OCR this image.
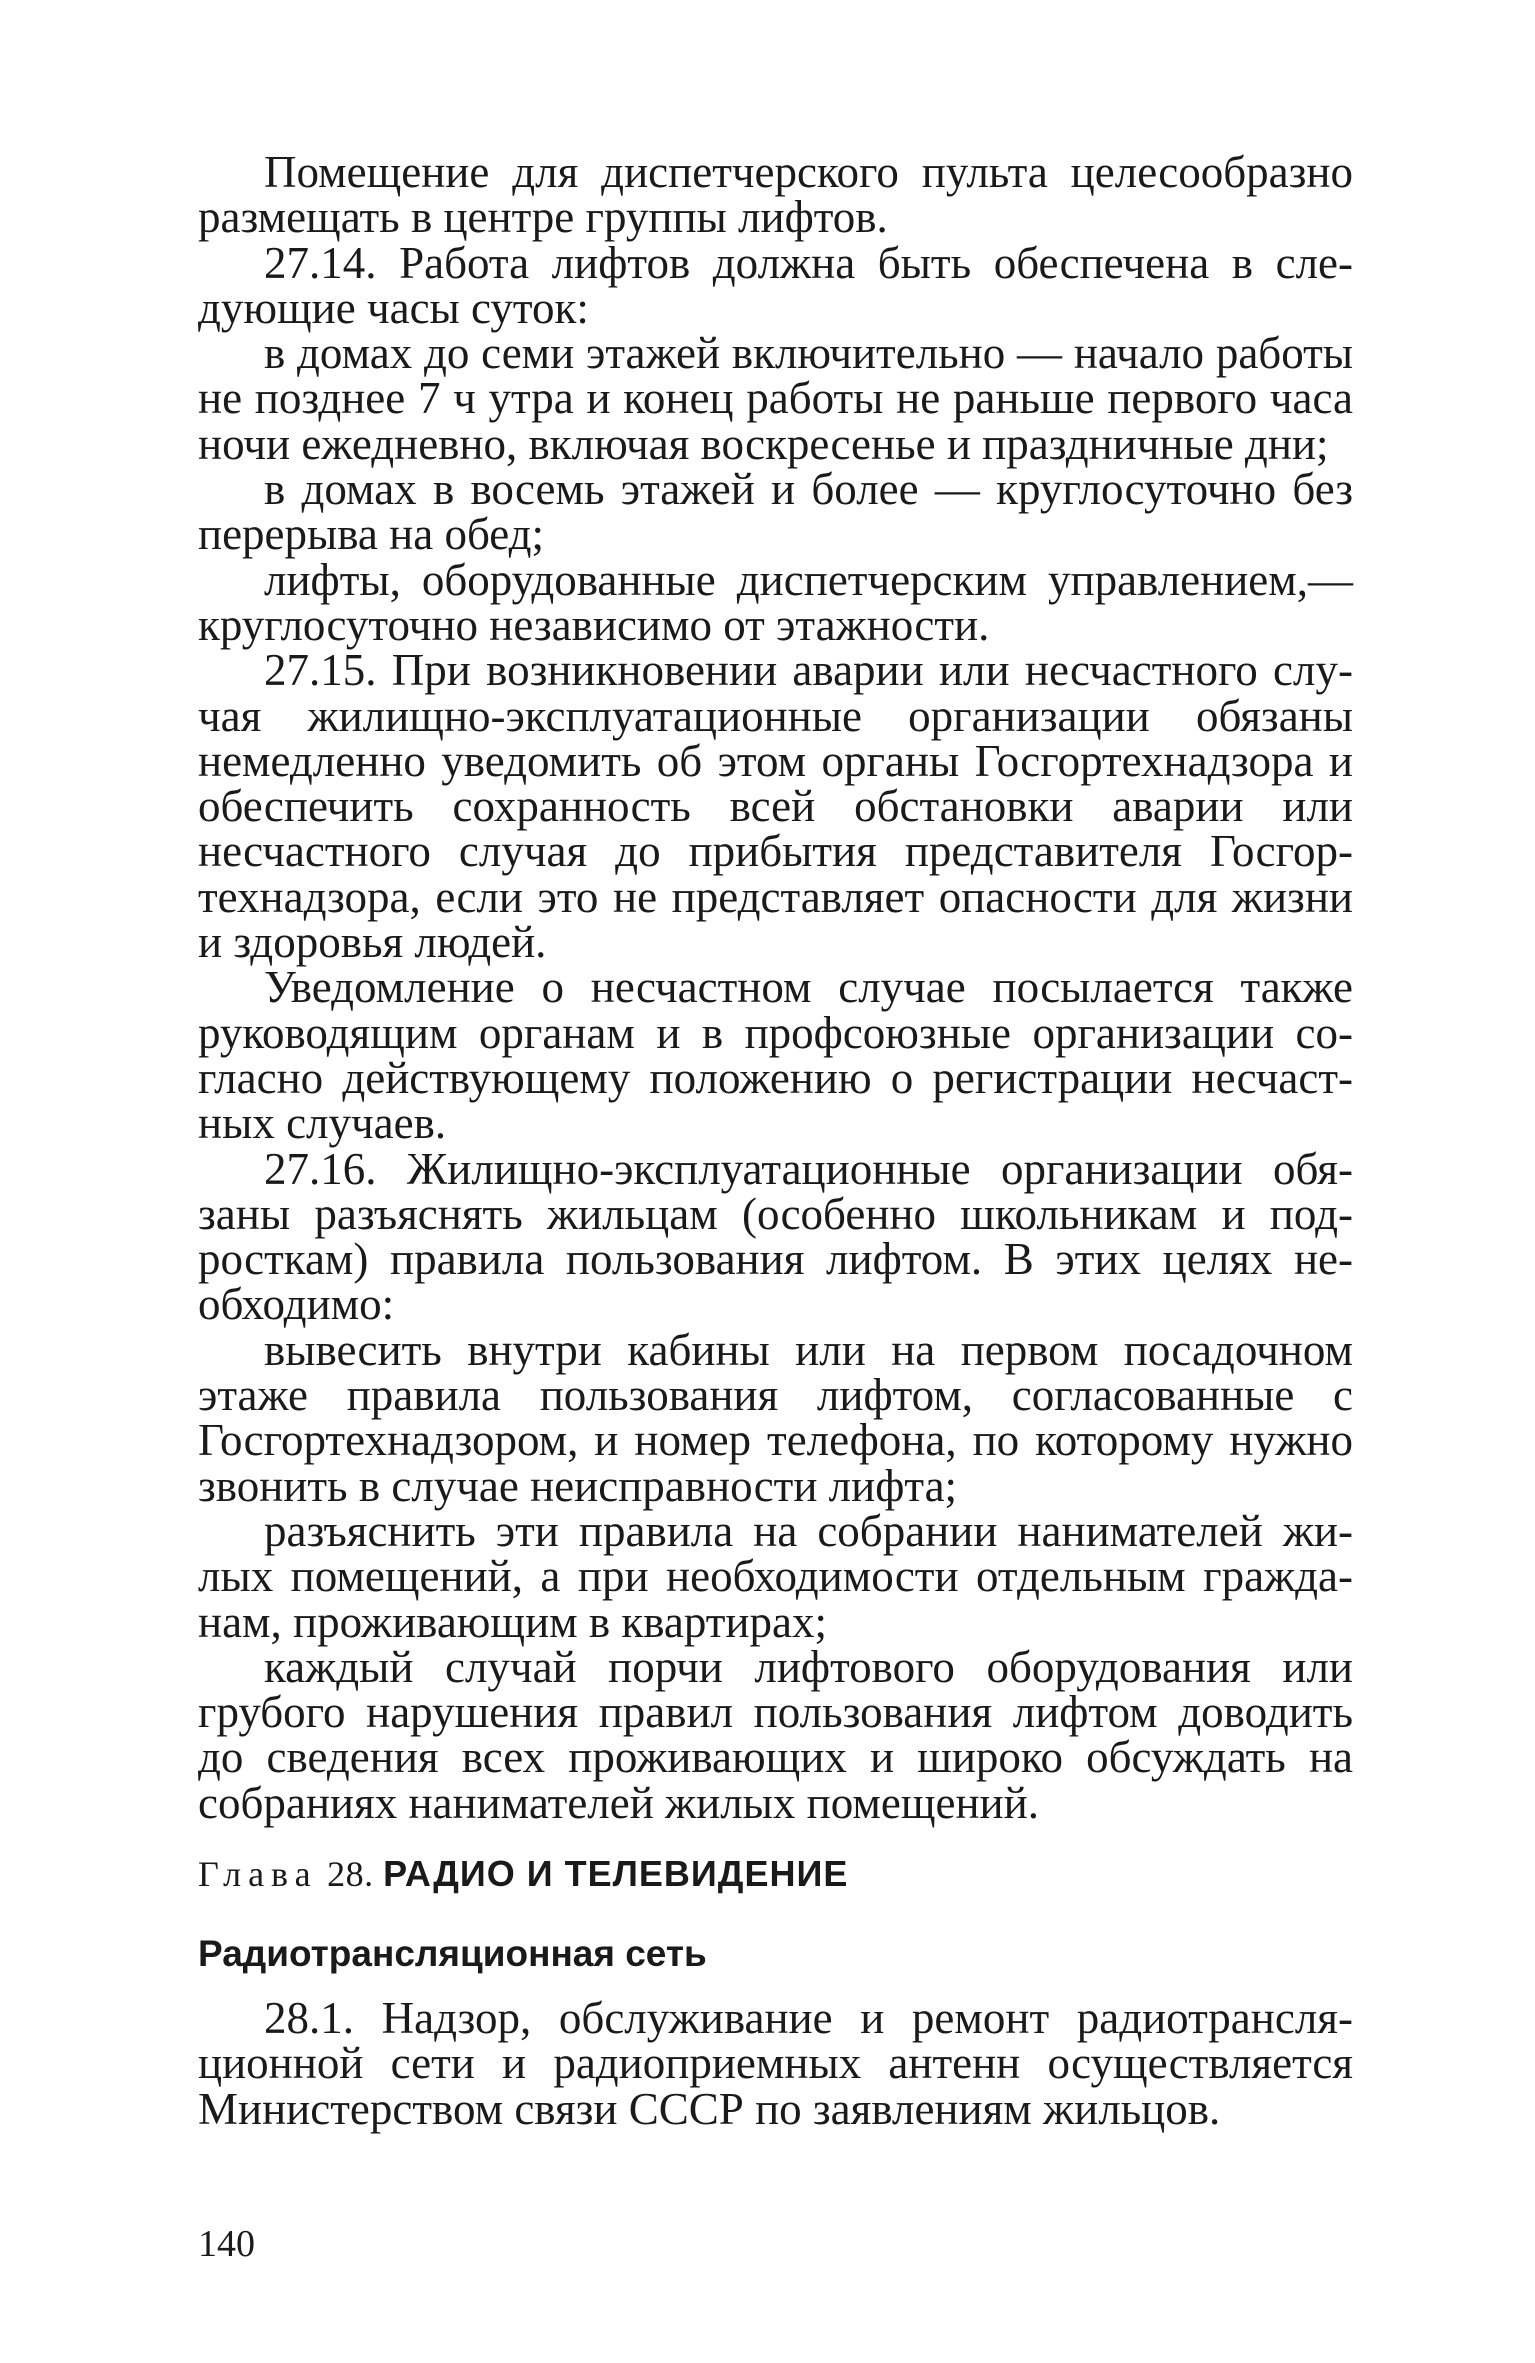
Помещение для диспетчерского пульта целесообразно размещать в центре группы лифтов.

27.14. Работа лифтов должна быть обеспечена в следующие часы суток:

в домах до семи этажей включительно — начало работы не позднее 7 ч утра и конец работы не раньше первого часа ночи ежедневно, включая воскресенье и праздничные дни;

в домах в восемь этажей и более — круглосуточно без перерыва на обед;

лифты, оборудованные диспетчерским управлением,— круглосуточно независимо от этажности.

27.15. При возникновении аварии или несчастного случая жилищно-эксплуатационные организации обязаны немедленно уведомить об этом органы Госгортехнадзора и обеспечить сохранность всей обстановки аварии или несчастного случая до прибытия представителя Госгортехнадзора, если это не представляет опасности для жизни и здоровья людей.

Уведомление о несчастном случае посылается также руководящим органам и в профсоюзные организации согласно действующему положению о регистрации несчастных случаев.

27.16. Жилищно-эксплуатационные организации обязаны разъяснять жильцам (особенно школьникам и подросткам) правила пользования лифтом. В этих целях необходимо:

вывесить внутри кабины или на первом посадочном этаже правила пользования лифтом, согласованные с Госгортехнадзором, и номер телефона, по которому нужно звонить в случае неисправности лифта;

разъяснить эти правила на собрании нанимателей жилых помещений, а при необходимости отдельным гражданам, проживающим в квартирах;

каждый случай порчи лифтового оборудования или грубого нарушения правил пользования лифтом доводить до сведения всех проживающих и широко обсуждать на собраниях нанимателей жилых помещений.

Глава 28. РАДИО И ТЕЛЕВИДЕНИЕ
Радиотрансляционная сеть

28.1. Надзор, обслуживание и ремонт радиотрансляционной сети и радиоприемных антенн осуществляется Министерством связи СССР по заявлениям жильцов.

140
